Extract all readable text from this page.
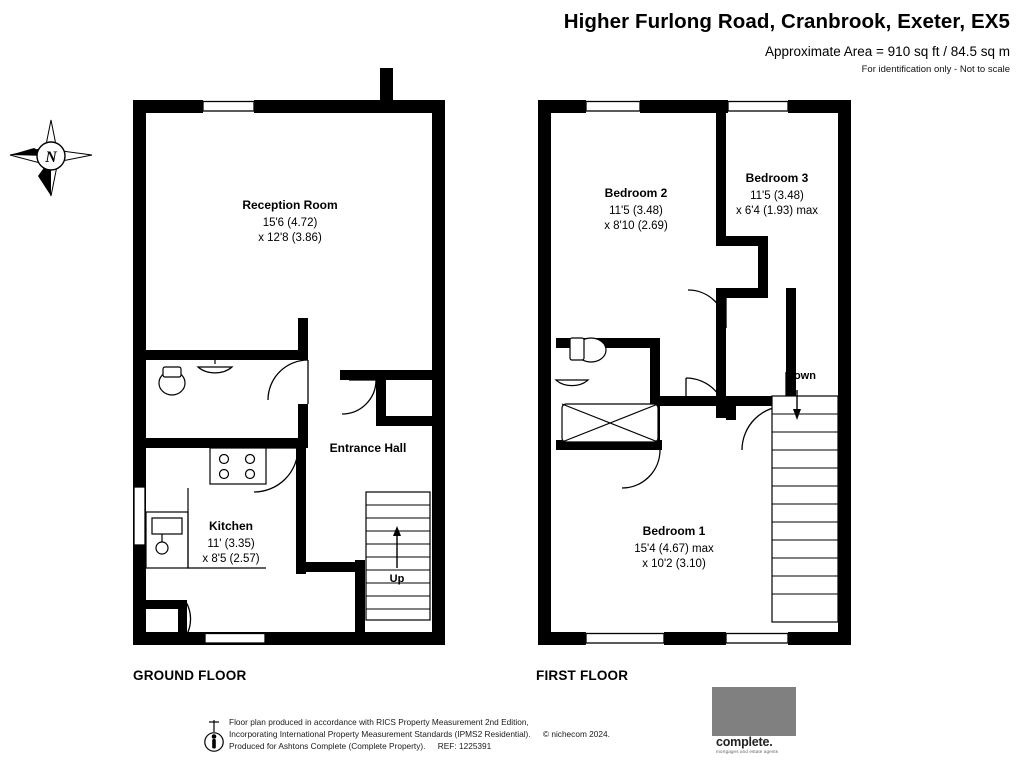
Higher Furlong Road, Cranbrook, Exeter, EX5
Approximate Area = 910 sq ft / 84.5 sq m
For identification only - Not to scale
N
Reception Room
15'6 (4.72)
x 12'8 (3.86)
Kitchen
11' (3.35)
x 8'5 (2.57)
Entrance Hall
Up
Bedroom 2
11'5 (3.48)
x 8'10 (2.69)
Bedroom 3
11'5 (3.48)
x 6'4 (1.93) max
Bedroom 1
15'4 (4.67) max
x 10'2 (3.10)
Down
GROUND FLOOR	FIRST FLOOR
Floor plan produced in accordance with RICS Property Measurement 2nd Edition,
Incorporating International Property Measurement Standards (IPMS2 Residential). © nichecom 2024.
Produced for Ashtons Complete (Complete Property). REF: 1225391	complete.
mortgages and estate agents
